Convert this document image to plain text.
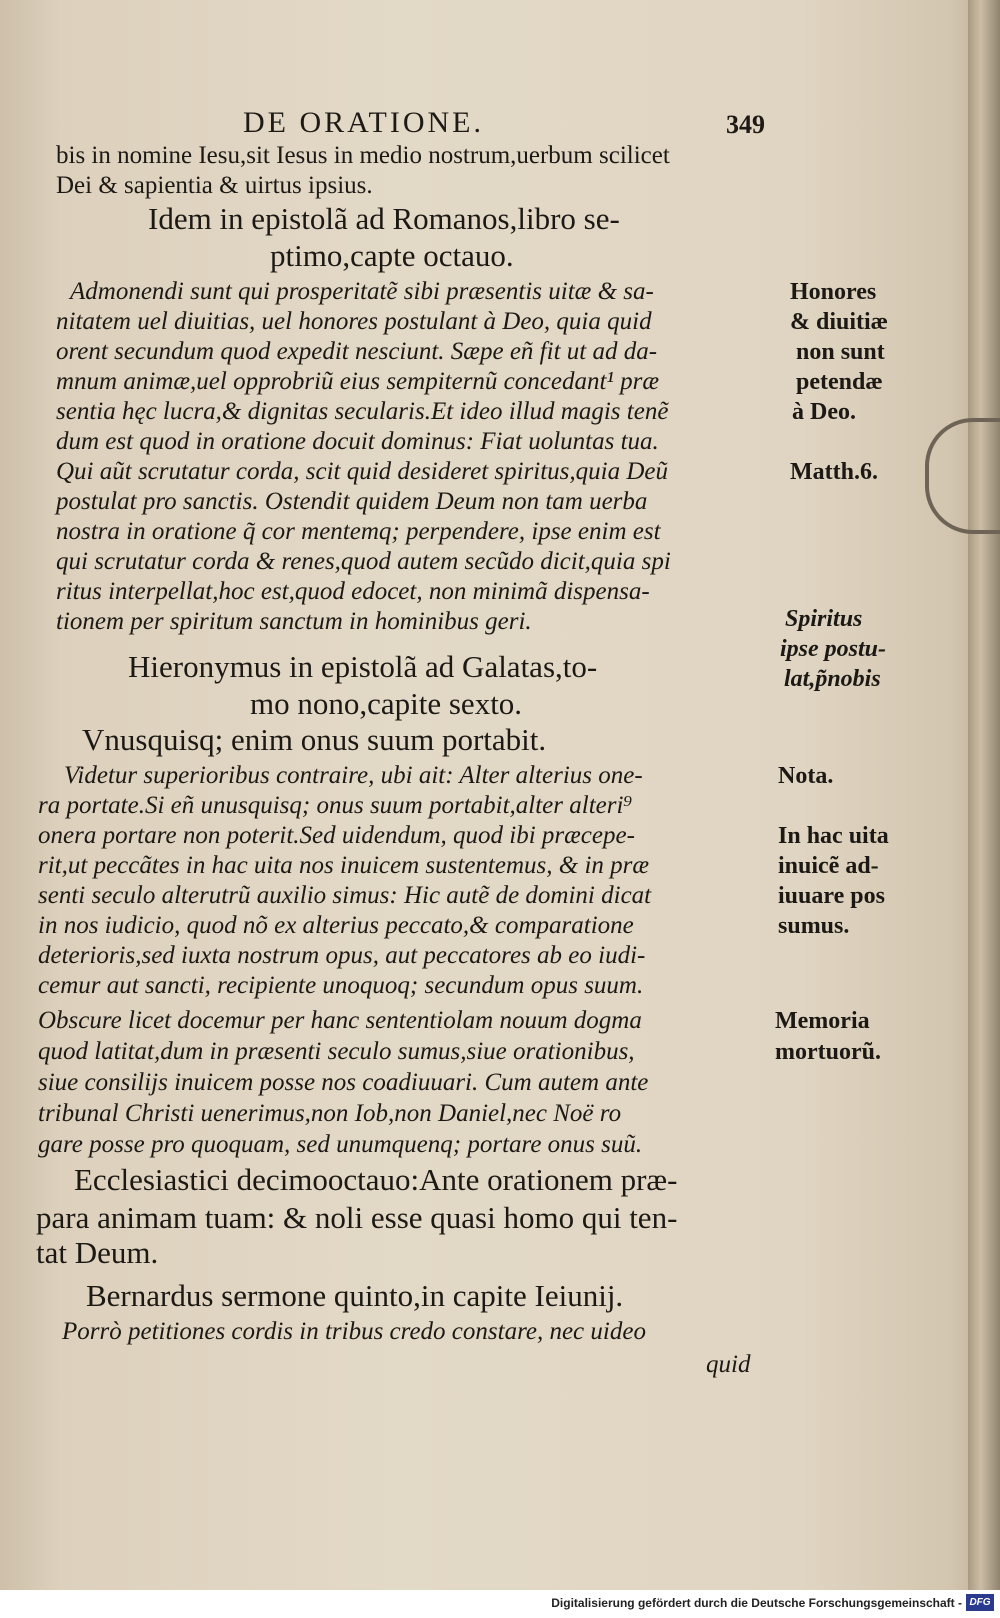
DE ORATIONE.	349
bis in nomine Iesu,sit Iesus in medio nostrum,uerbum scilicet
Dei & sapientia & uirtus ipsius.
Idem in epistolã ad Romanos,libro se-
ptimo,capte octauo.
Admonendi sunt qui prosperitatẽ sibi præsentis uitæ & sa-
nitatem uel diuitias, uel honores postulant à Deo, quia quid
orent secundum quod expedit nesciunt. Sæpe eñ fit ut ad da-
mnum animæ,uel opprobriũ eius sempiternũ concedant¹ præ
sentia hęc lucra,& dignitas secularis.Et ideo illud magis tenẽ
dum est quod in oratione docuit dominus: Fiat uoluntas tua.
Qui aũt scrutatur corda, scit quid desideret spiritus,quia Deũ
postulat pro sanctis. Ostendit quidem Deum non tam uerba
nostra in oratione q̃ cor mentemq; perpendere, ipse enim est
qui scrutatur corda & renes,quod autem secũdo dicit,quia spi
ritus interpellat,hoc est,quod edocet, non minimã dispensa-
tionem per spiritum sanctum in hominibus geri.
Hieronymus in epistolã ad Galatas,to-
mo nono,capite sexto.
Vnusquisq; enim onus suum portabit.
Videtur superioribus contraire, ubi ait: Alter alterius one-
ra portate.Si eñ unusquisq; onus suum portabit,alter alteri⁹
onera portare non poterit.Sed uidendum, quod ibi præcepe-
rit,ut peccãtes in hac uita nos inuicem sustentemus, & in præ
senti seculo alterutrũ auxilio simus: Hic autẽ de domini dicat
in nos iudicio, quod nõ ex alterius peccato,& comparatione
deterioris,sed iuxta nostrum opus, aut peccatores ab eo iudi-
cemur aut sancti, recipiente unoquoq; secundum opus suum.
Obscure licet docemur per hanc sententiolam nouum dogma
quod latitat,dum in præsenti seculo sumus,siue orationibus,
siue consilijs inuicem posse nos coadiuuari. Cum autem ante
tribunal Christi uenerimus,non Iob,non Daniel,nec Noë ro
gare posse pro quoquam, sed unumquenq; portare onus suũ.
Ecclesiastici decimooctauo:Ante orationem præ-
para animam tuam: & noli esse quasi homo qui ten-
tat Deum.
Bernardus sermone quinto,in capite Ieiunij.
Porrò petitiones cordis in tribus credo constare, nec uideo
quid
Honores
& diuitiæ
non sunt
petendæ
à Deo.
Matth.6.
Spiritus
ipse postu-
lat,p̃nobis
Nota.
In hac uita
inuicẽ ad-
iuuare pos
sumus.
Memoria
mortuorũ.
Digitalisierung gefördert durch die Deutsche Forschungsgemeinschaft - DFG
